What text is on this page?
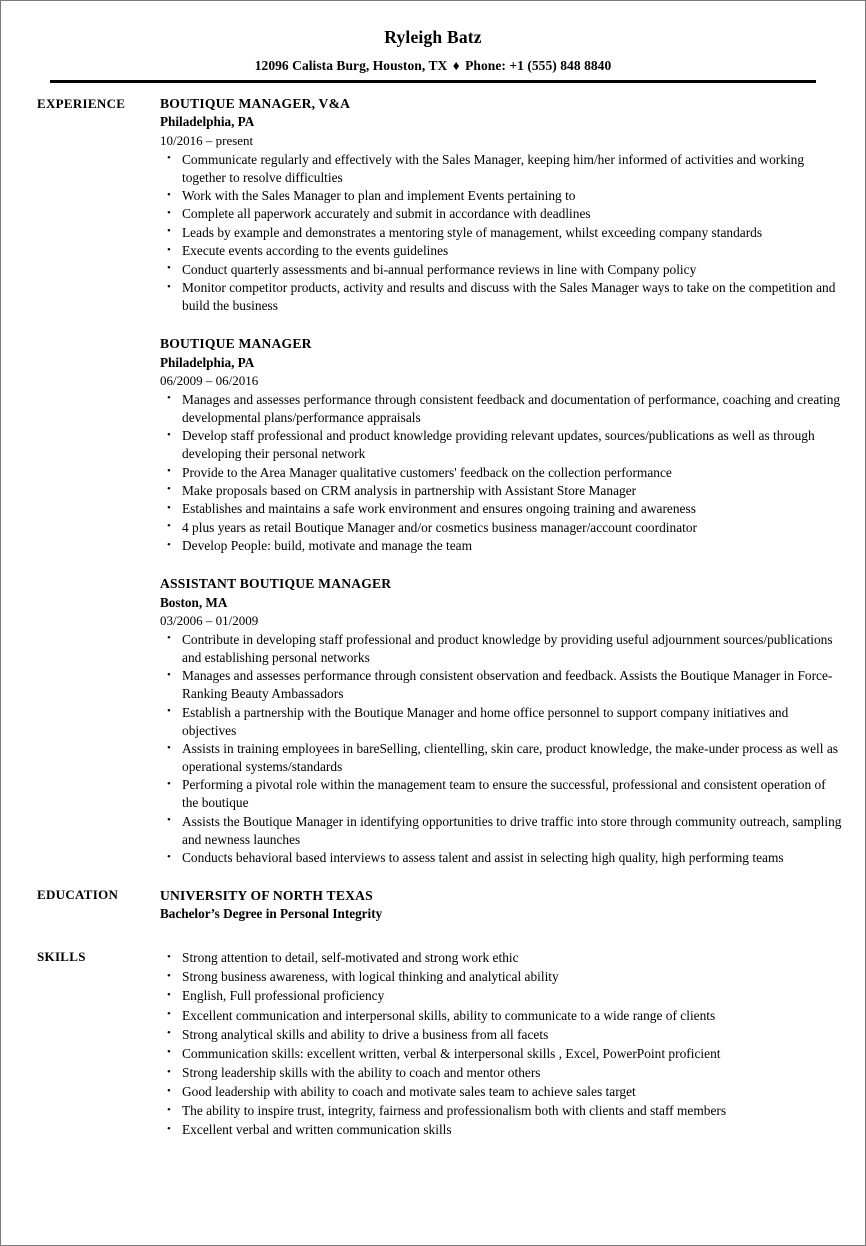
Ryleigh Batz
12096 Calista Burg, Houston, TX ♦ Phone: +1 (555) 848 8840
EXPERIENCE	BOUTIQUE MANAGER, V&A
Philadelphia, PA
10/2016 – present
• Communicate regularly and effectively with the Sales Manager, keeping him/her informed of activities and working together to resolve difficulties
• Work with the Sales Manager to plan and implement Events pertaining to
• Complete all paperwork accurately and submit in accordance with deadlines
• Leads by example and demonstrates a mentoring style of management, whilst exceeding company standards
• Execute events according to the events guidelines
• Conduct quarterly assessments and bi-annual performance reviews in line with Company policy
• Monitor competitor products, activity and results and discuss with the Sales Manager ways to take on the competition and build the business
BOUTIQUE MANAGER
Philadelphia, PA
06/2009 – 06/2016
• Manages and assesses performance through consistent feedback and documentation of performance, coaching and creating developmental plans/performance appraisals
• Develop staff professional and product knowledge providing relevant updates, sources/publications as well as through developing their personal network
• Provide to the Area Manager qualitative customers' feedback on the collection performance
• Make proposals based on CRM analysis in partnership with Assistant Store Manager
• Establishes and maintains a safe work environment and ensures ongoing training and awareness
• 4 plus years as retail Boutique Manager and/or cosmetics business manager/account coordinator
• Develop People: build, motivate and manage the team
ASSISTANT BOUTIQUE MANAGER
Boston, MA
03/2006 – 01/2009
• Contribute in developing staff professional and product knowledge by providing useful adjournment sources/publications and establishing personal networks
• Manages and assesses performance through consistent observation and feedback. Assists the Boutique Manager in Force-Ranking Beauty Ambassadors
• Establish a partnership with the Boutique Manager and home office personnel to support company initiatives and objectives
• Assists in training employees in bareSelling, clientelling, skin care, product knowledge, the make-under process as well as operational systems/standards
• Performing a pivotal role within the management team to ensure the successful, professional and consistent operation of the boutique
• Assists the Boutique Manager in identifying opportunities to drive traffic into store through community outreach, sampling and newness launches
• Conducts behavioral based interviews to assess talent and assist in selecting high quality, high performing teams
EDUCATION	UNIVERSITY OF NORTH TEXAS
Bachelor’s Degree in Personal Integrity
SKILLS	• Strong attention to detail, self-motivated and strong work ethic
• Strong business awareness, with logical thinking and analytical ability
• English, Full professional proficiency
• Excellent communication and interpersonal skills, ability to communicate to a wide range of clients
• Strong analytical skills and ability to drive a business from all facets
• Communication skills: excellent written, verbal & interpersonal skills , Excel, PowerPoint proficient
• Strong leadership skills with the ability to coach and mentor others
• Good leadership with ability to coach and motivate sales team to achieve sales target
• The ability to inspire trust, integrity, fairness and professionalism both with clients and staff members
• Excellent verbal and written communication skills
